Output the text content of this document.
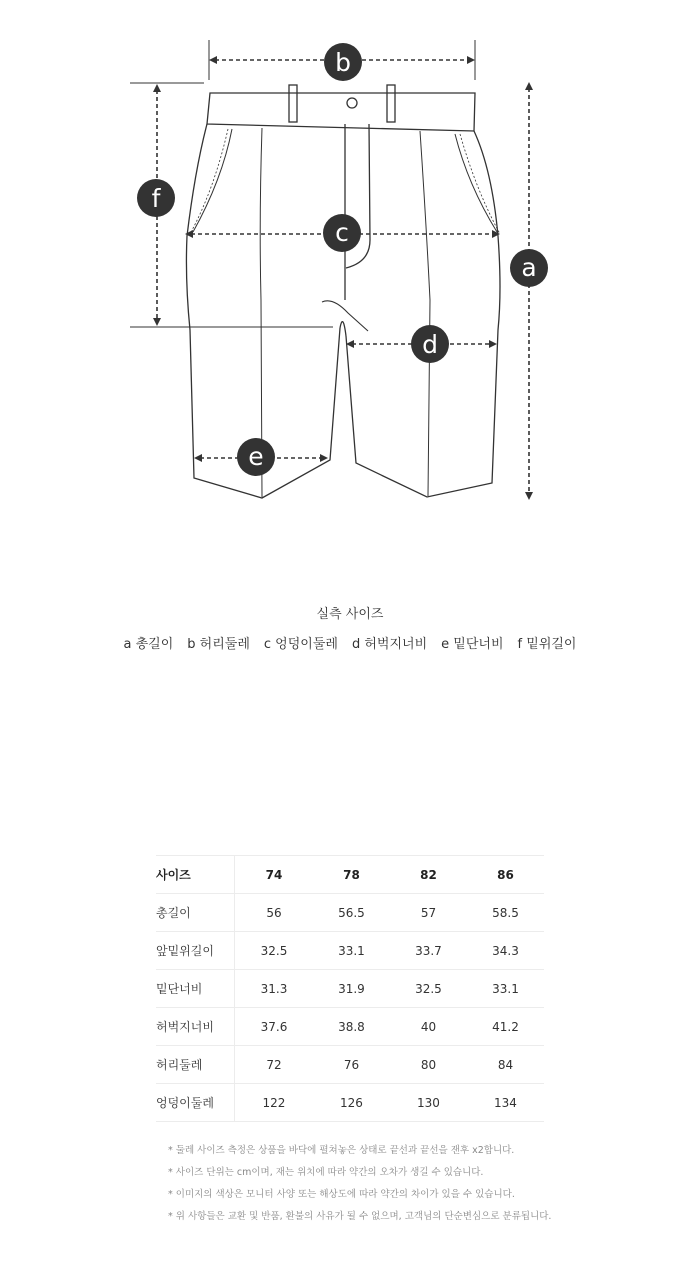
b
a
f
c
d
e
실측 사이즈
a 총길이 b 허리둘레 c 엉덩이둘레 d 허벅지너비 e 밑단너비 f 밑위길이
사이즈	74	78	82	86
총길이	56	56.5	57	58.5
앞밑위길이	32.5	33.1	33.7	34.3
밑단너비	31.3	31.9	32.5	33.1
허벅지너비	37.6	38.8	40	41.2
허리둘레	72	76	80	84
엉덩이둘레	122	126	130	134
* 둘레 사이즈 측정은 상품을 바닥에 펼쳐놓은 상태로 끝선과 끝선을 잰후 x2합니다.
* 사이즈 단위는 cm이며, 재는 위치에 따라 약간의 오차가 생길 수 있습니다.
* 이미지의 색상은 모니터 사양 또는 해상도에 따라 약간의 차이가 있을 수 있습니다.
* 위 사항들은 교환 및 반품, 환불의 사유가 될 수 없으며, 고객님의 단순변심으로 분류됩니다.
